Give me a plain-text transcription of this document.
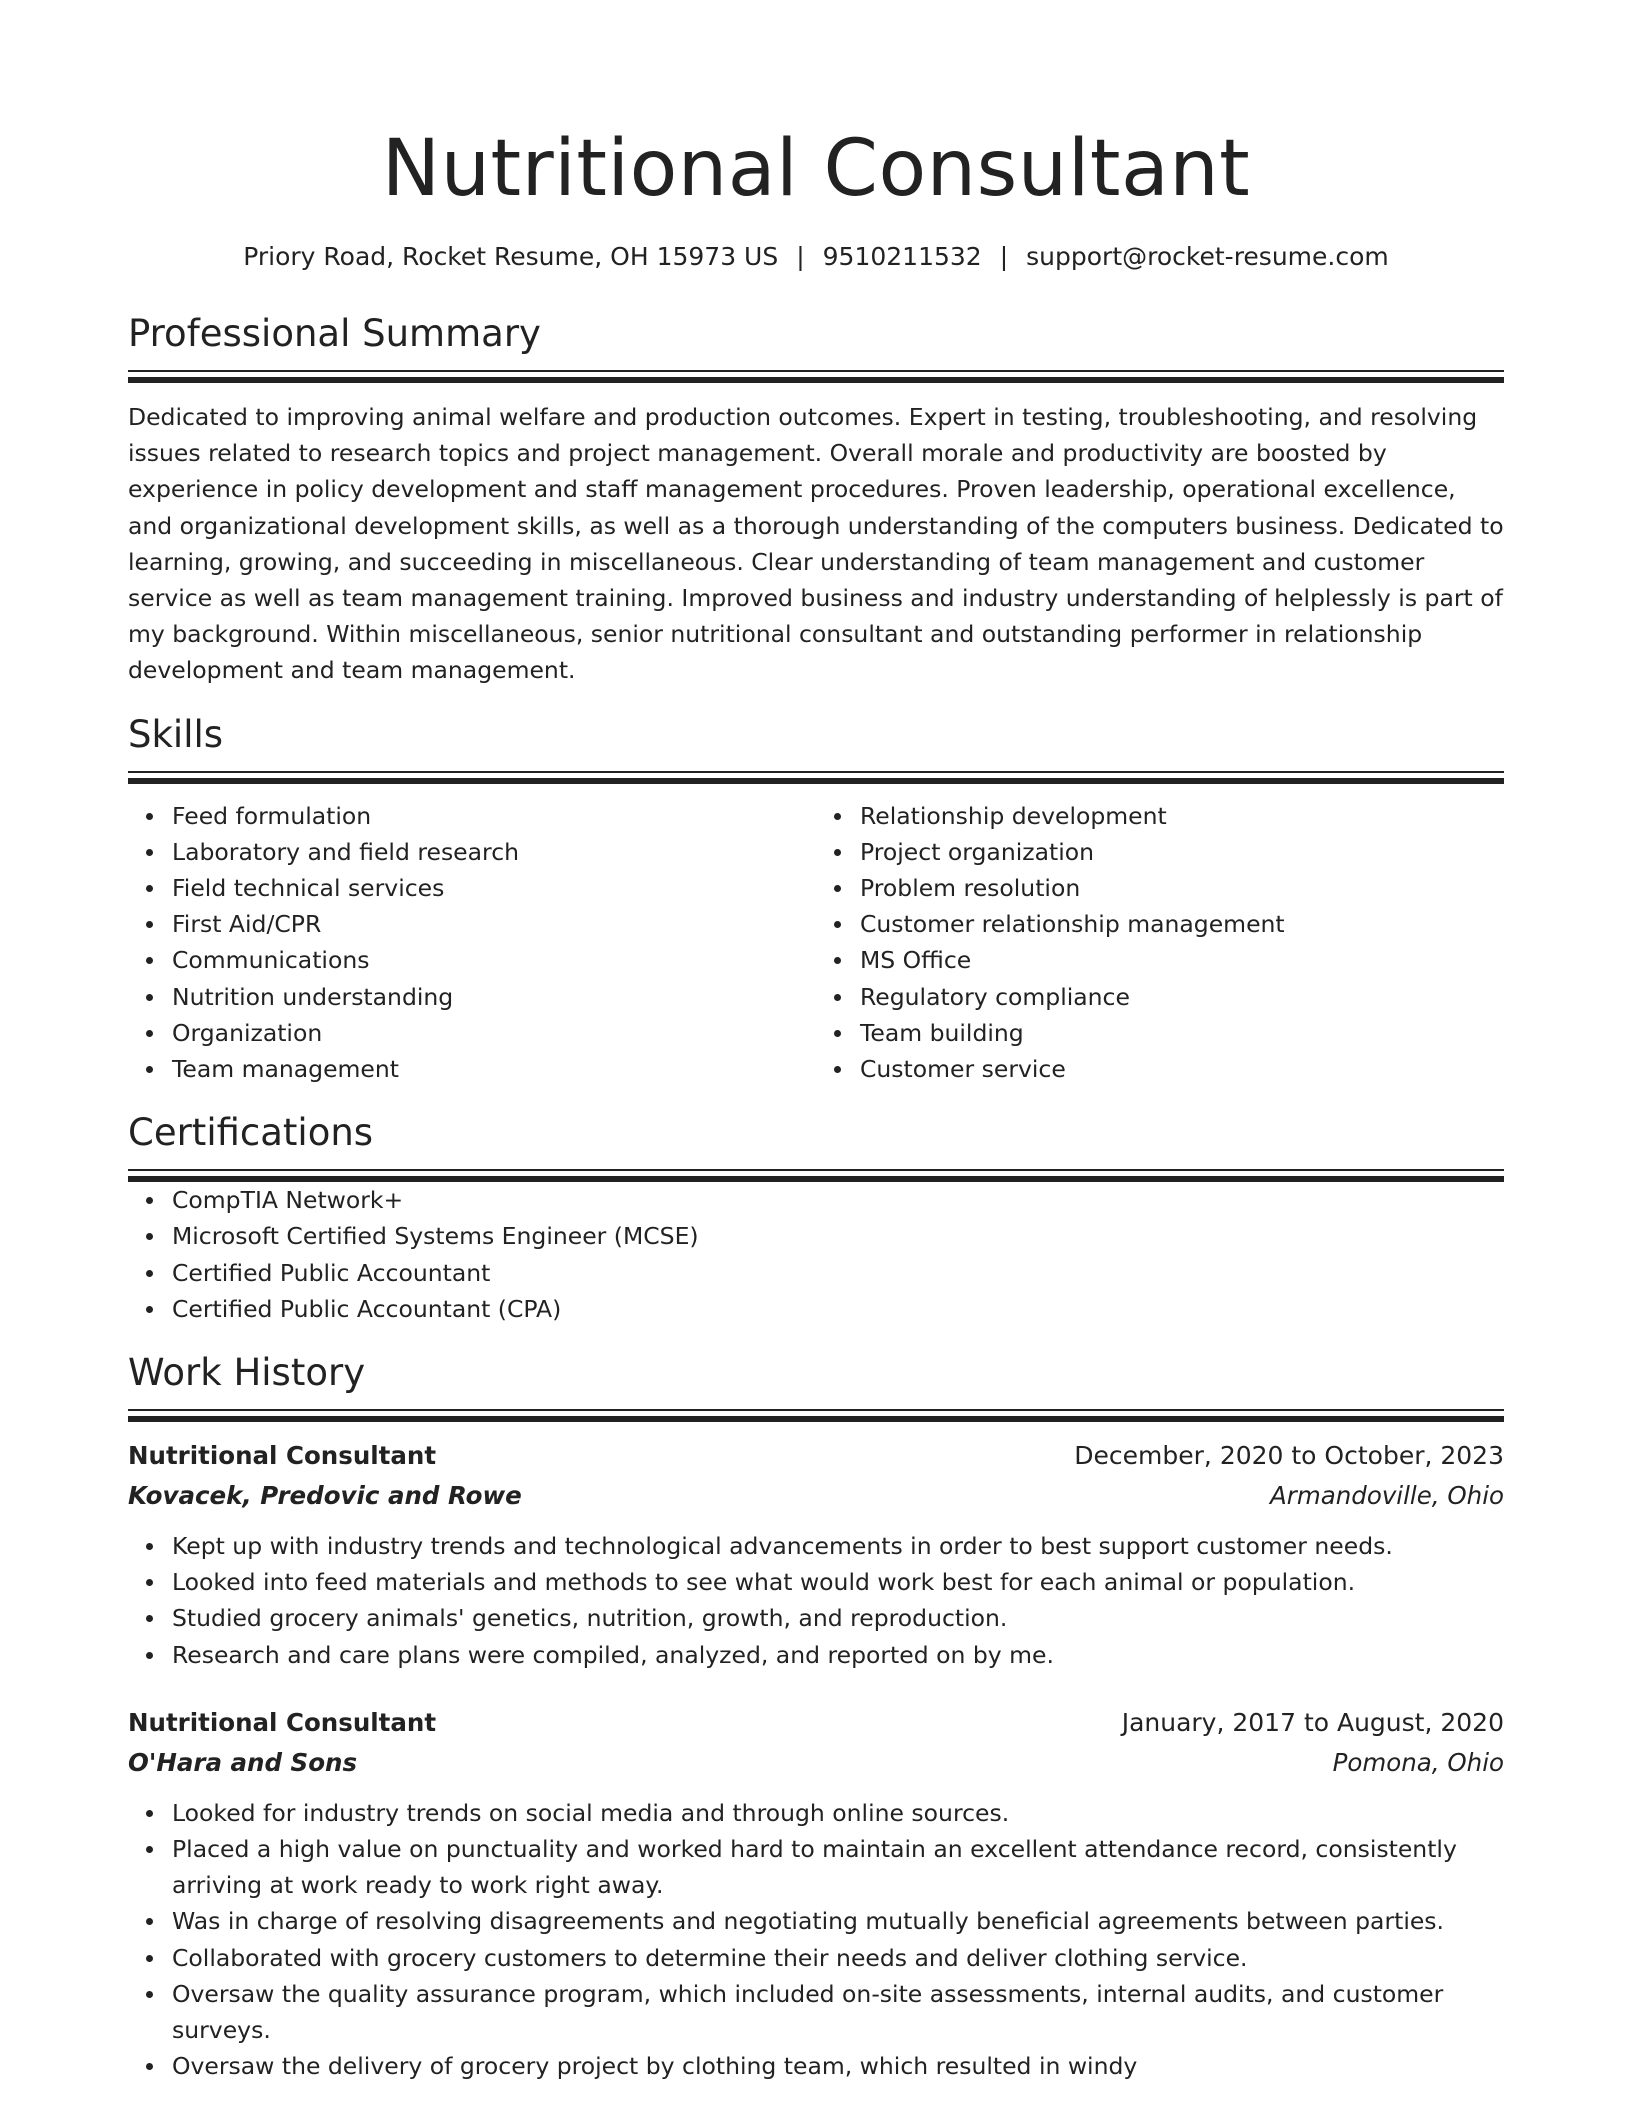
Nutritional Consultant
Priory Road, Rocket Resume, OH 15973 US | 9510211532 | support@rocket-resume.com
Professional Summary
Dedicated to improving animal welfare and production outcomes. Expert in testing, troubleshooting, and resolving issues related to research topics and project management. Overall morale and productivity are boosted by experience in policy development and staff management procedures. Proven leadership, operational excellence, and organizational development skills, as well as a thorough understanding of the computers business. Dedicated to learning, growing, and succeeding in miscellaneous. Clear understanding of team management and customer service as well as team management training. Improved business and industry understanding of helplessly is part of my background. Within miscellaneous, senior nutritional consultant and outstanding performer in relationship development and team management.
Skills
Feed formulation
Laboratory and field research
Field technical services
First Aid/CPR
Communications
Nutrition understanding
Organization
Team management
Relationship development
Project organization
Problem resolution
Customer relationship management
MS Office
Regulatory compliance
Team building
Customer service
Certifications
CompTIA Network+
Microsoft Certified Systems Engineer (MCSE)
Certified Public Accountant
Certified Public Accountant (CPA)
Work History
Nutritional Consultant	December, 2020 to October, 2023
Kovacek, Predovic and Rowe	Armandoville, Ohio
Kept up with industry trends and technological advancements in order to best support customer needs.
Looked into feed materials and methods to see what would work best for each animal or population.
Studied grocery animals' genetics, nutrition, growth, and reproduction.
Research and care plans were compiled, analyzed, and reported on by me.
Nutritional Consultant	January, 2017 to August, 2020
O'Hara and Sons	Pomona, Ohio
Looked for industry trends on social media and through online sources.
Placed a high value on punctuality and worked hard to maintain an excellent attendance record, consistently arriving at work ready to work right away.
Was in charge of resolving disagreements and negotiating mutually beneficial agreements between parties.
Collaborated with grocery customers to determine their needs and deliver clothing service.
Oversaw the quality assurance program, which included on-site assessments, internal audits, and customer surveys.
Oversaw the delivery of grocery project by clothing team, which resulted in windy
